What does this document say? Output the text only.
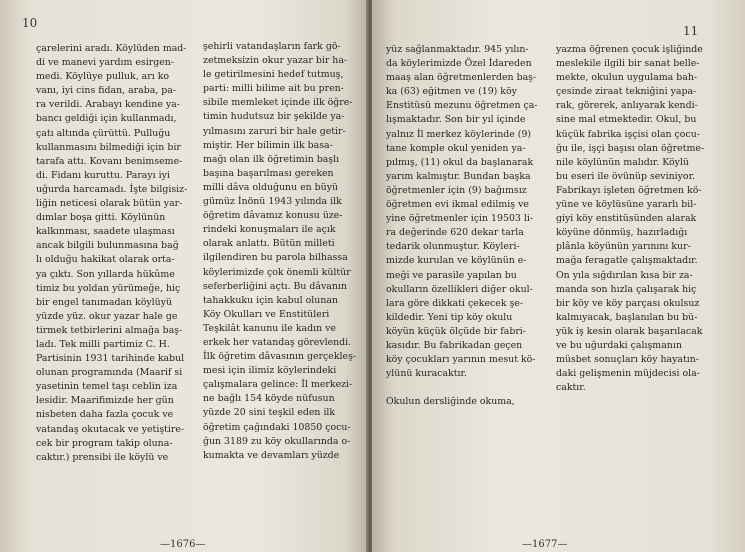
10
çarelerini aradı. Köylüden mad-
di ve manevi yardım esirgen-
medi. Köylüye pulluk, arı ko
vanı, iyi cins fidan, araba, pa-
ra verildi. Arabayı kendine ya-
bancı geldiği için kullanmadı,
çatı altında çürüttü. Pulluğu
kullanmasını bilmediği için bir
tarafa attı. Kovanı benimseme-
di. Fidanı kuruttu. Parayı iyi
uğurda harcamadı. İşte bilgisiz-
liğin neticesi olarak bütün yar-
dımlar boşa gitti. Köylünün
kalkınması, saadete ulaşması
ancak bilgili bulunmasına bağ
lı olduğu hakikat olarak orta-
ya çıktı. Son yıllarda hükûme
timiz bu yoldan yürümeğe, hiç
bir engel tanımadan köylüyü
yüzde yüz. okur yazar hale ge
tirmek tetbirlerini almağa baş-
ladı. Tek milli partimiz C. H.
Partisinin 1931 tarihinde kabul
olunan programında (Maarif si
yasetinin temel taşı ceblin iza
lesidir. Maarifimizde her gün
nisbeten daha fazla çocuk ve
vatandaş okutacak ve yetiştire-
cek bir program takip oluna-
caktır.) prensibi ile köylü ve
şehirli vatandaşların fark gö-
zetmeksizin okur yazar bir ha-
le getirilmesini hedef tutmuş,
parti: milli bilime ait bu pren-
sibile memleket içinde ilk öğre-
timin hudutsuz bir şekilde ya-
yılmasını zaruri bir hale getir-
miştir. Her bilimin ilk basa-
mağı olan ilk öğretimin başlı
başına başarılması gereken
milli dâva olduğunu en büyü
gümüz İnönü 1943 yılında ilk
öğretim dâvamız konusu üze-
rindeki konuşmaları ile açık
olarak anlattı. Bütün milleti
ilgilendiren bu parola bilhassa
köylerimizde çok önemli kültür
seferberliğini açtı. Bu dâvanın
tahakkuku için kabul olunan
Köy Okulları ve Enstitüleri
Teşkilât kanunu ile kadın ve
erkek her vatandaş görevlendi.
İlk öğretim dâvasının gerçekleş-
mesi için ilimiz köylerindeki
çalışmalara gelince: İl merkezi-
ne bağlı 154 köyde nüfusun
yüzde 20 sini teşkil eden ilk
öğretim çağındaki 10850 çocu-
ğun 3189 zu köy okullarında o-
kumakta ve devamları yüzde
—1676—
11
yüz sağlanmaktadır. 945 yılın-
da köylerimizde Özel İdareden
maaş alan öğretmenlerden baş-
ka (63) eğitmen ve (19) köy
Enstitüsü mezunu öğretmen ça-
lışmaktadır. Son bir yıl içinde
yalnız İl merkez köylerinde (9)
tane komple okul yeniden ya-
pılmış, (11) okul da başlanarak
yarım kalmıştır. Bundan başka
öğretmenler için (9) bağımsız
öğretmen evi ikmal edilmiş ve
yine öğretmenler için 19503 li-
ra değerinde 620 dekar tarla
tedarik olunmuştur. Köyleri-
mizde kurulan ve köylünün e-
meği ve parasile yapılan bu
okulların özellikleri diğer okul-
lara göre dikkati çekecek şe-
kildedir. Yeni tip köy okulu
köyün küçük ölçüde bir fabri-
kasıdır. Bu fabrikadan geçen
köy çocukları yarının mesut kö-
ylünü kuracaktır.
Okulun dersliğinde okuma,
yazma öğrenen çocuk işliğinde
meslekile ilgili bir sanat belle-
mekte, okulun uygulama bah-
çesinde ziraat tekniğini yapa-
rak, görerek, anlıyarak kendi-
sine mal etmektedir. Okul, bu
küçük fabrika işçisi olan çocu-
ğu ile, işçi başısı olan öğretme-
nile köylünün malıdır. Köylü
bu eseri ile övünüp seviniyor.
Fabrikayı işleten öğretmen kö-
yüne ve köylüsüne yararlı bil-
giyi köy enstitüsünden alarak
köyüne dönmüş, hazırladığı
plânla köyünün yarınını kur-
mağa feragatle çalışmaktadır.
On yıla sığdırılan kısa bir za-
manda son hızla çalışarak hiç
bir köy ve köy parçası okulsuz
kalmıyacak, başlanılan bu bü-
yük iş kesin olarak başarılacak
ve bu uğurdaki çalışmanın
müsbet sonuçları köy hayatın-
daki gelişmenin müjdecisi ola-
caktır.
—1677—
